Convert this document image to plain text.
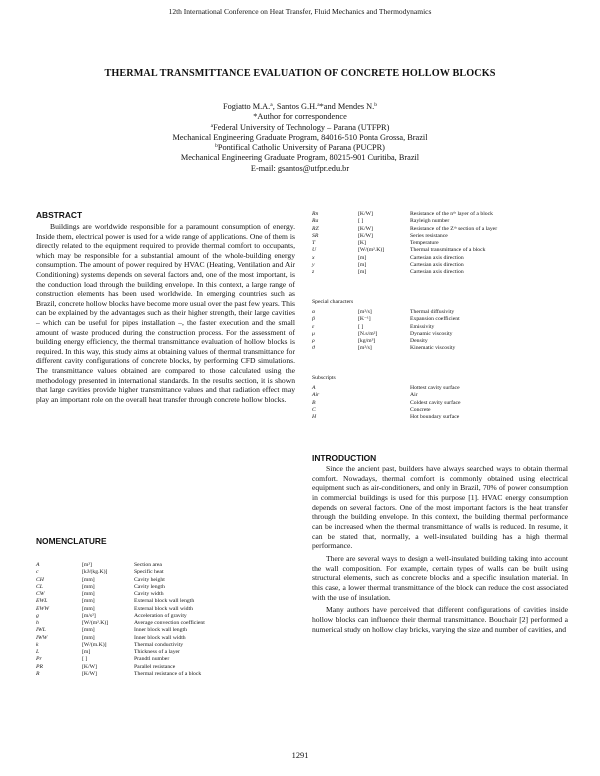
12th International Conference on Heat Transfer, Fluid Mechanics and Thermodynamics
THERMAL TRANSMITTANCE EVALUATION OF CONCRETE HOLLOW BLOCKS
Fogiatto M.A.$^a$, Santos G.H.$^a$*and Mendes N.$^b$
*Author for correspondence
$^a$Federal University of Technology – Parana (UTFPR)
Mechanical Engineering Graduate Program, 84016-510 Ponta Grossa, Brazil
$^b$Pontifical Catholic University of Parana (PUCPR)
Mechanical Engineering Graduate Program, 80215-901 Curitiba, Brazil
E-mail: gsantos@utfpr.edu.br
ABSTRACT

Buildings are worldwide responsible for a paramount consumption of energy. Inside them, electrical power is used for a wide range of applications. One of them is directly related to the equipment required to provide thermal comfort to occupants, which may be responsible for a substantial amount of the whole-building energy consumption. The amount of power required by HVAC (Heating, Ventilation and Air Conditioning) systems depends on several factors and, one of the most important, is the conduction load through the building envelope. In this context, a large range of construction elements has been used worldwide. In emerging countries such as Brazil, concrete hollow blocks have become more usual over the past few years. This can be explained by the advantages such as their higher strength, their large cavities – which can be useful for pipes installation –, the faster execution and the small amount of waste produced during the construction process. For the assessment of building energy efficiency, the thermal transmittance evaluation of hollow blocks is required. In this way, this study aims at obtaining values of thermal transmittance for different cavity configurations of concrete blocks, by performing CFD simulations. The transmittance values obtained are compared to those calculated using the methodology presented in international standards. In the results section, it is shown that large cavities provide higher transmittance values and that radiation effect may play an important role on the overall heat transfer through concrete hollow blocks.

NOMENCLATURE
A	[m²]	Section area
c	[kJ/(kg.K)]	Specific heat
CH	[mm]	Cavity height
CL	[mm]	Cavity length
CW	[mm]	Cavity width
EWL	[mm]	External block wall length
EWW	[mm]	External block wall width
g	[m/s²]	Acceleration of gravity
h	[W/(m².K)]	Average convection coefficient
IWL	[mm]	Inner block wall length
IWW	[mm]	Inner block wall width
k	[W/(m.K)]	Thermal conductivity
L	[m]	Thickness of a layer
Pr	[ ]	Prandtl number
PR	[K/W]	Parallel resistance
R	[K/W]	Thermal resistance of a block
Rn	[K/W]	Resistance of the nᵗʰ layer of a block
Ra	[ ]	Rayleigh number
RZ	[K/W]	Resistance of the Zᵗʰ section of a layer
SR	[K/W]	Series resistance
T	[K]	Temperature
U	[W/(m².K)]	Thermal transmittance of a block
x	[m]	Cartesian axis direction
y	[m]	Cartesian axis direction
z	[m]	Cartesian axis direction
Special characters
α	[m²/s]	Thermal diffusivity
β	[K⁻¹]	Expansion coefficient
ε	[ ]	Emissivity
μ	[N.s/m²]	Dynamic viscosity
ρ	[kg/m³]	Density
ϑ	[m²/s]	Kinematic viscosity
Subscripts
A	Hottest cavity surface
Air	Air
B	Coldest cavity surface
C	Concrete
H	Hot boundary surface
INTRODUCTION

Since the ancient past, builders have always searched ways to obtain thermal comfort. Nowadays, thermal comfort is commonly obtained using electrical equipment such as air-conditioners, and only in Brazil, 70% of power consumption in commercial buildings is used for this purpose [1]. HVAC energy consumption depends on several factors. One of the most important factors is the heat transfer through the building envelope. In this context, the building thermal performance can be increased when the thermal transmittance of walls is reduced. In resume, it can be stated that, normally, a well-insulated building has a high thermal performance.

There are several ways to design a well-insulated building taking into account the wall composition. For example, certain types of walls can be built using structural elements, such as concrete blocks and a specific insulation material. In this case, a lower thermal transmittance of the block can reduce the cost associated with the use of insulation.

Many authors have perceived that different configurations of cavities inside hollow blocks can influence their thermal transmittance. Bouchair [2] performed a numerical study on hollow clay bricks, varying the size and number of cavities, and

1291
